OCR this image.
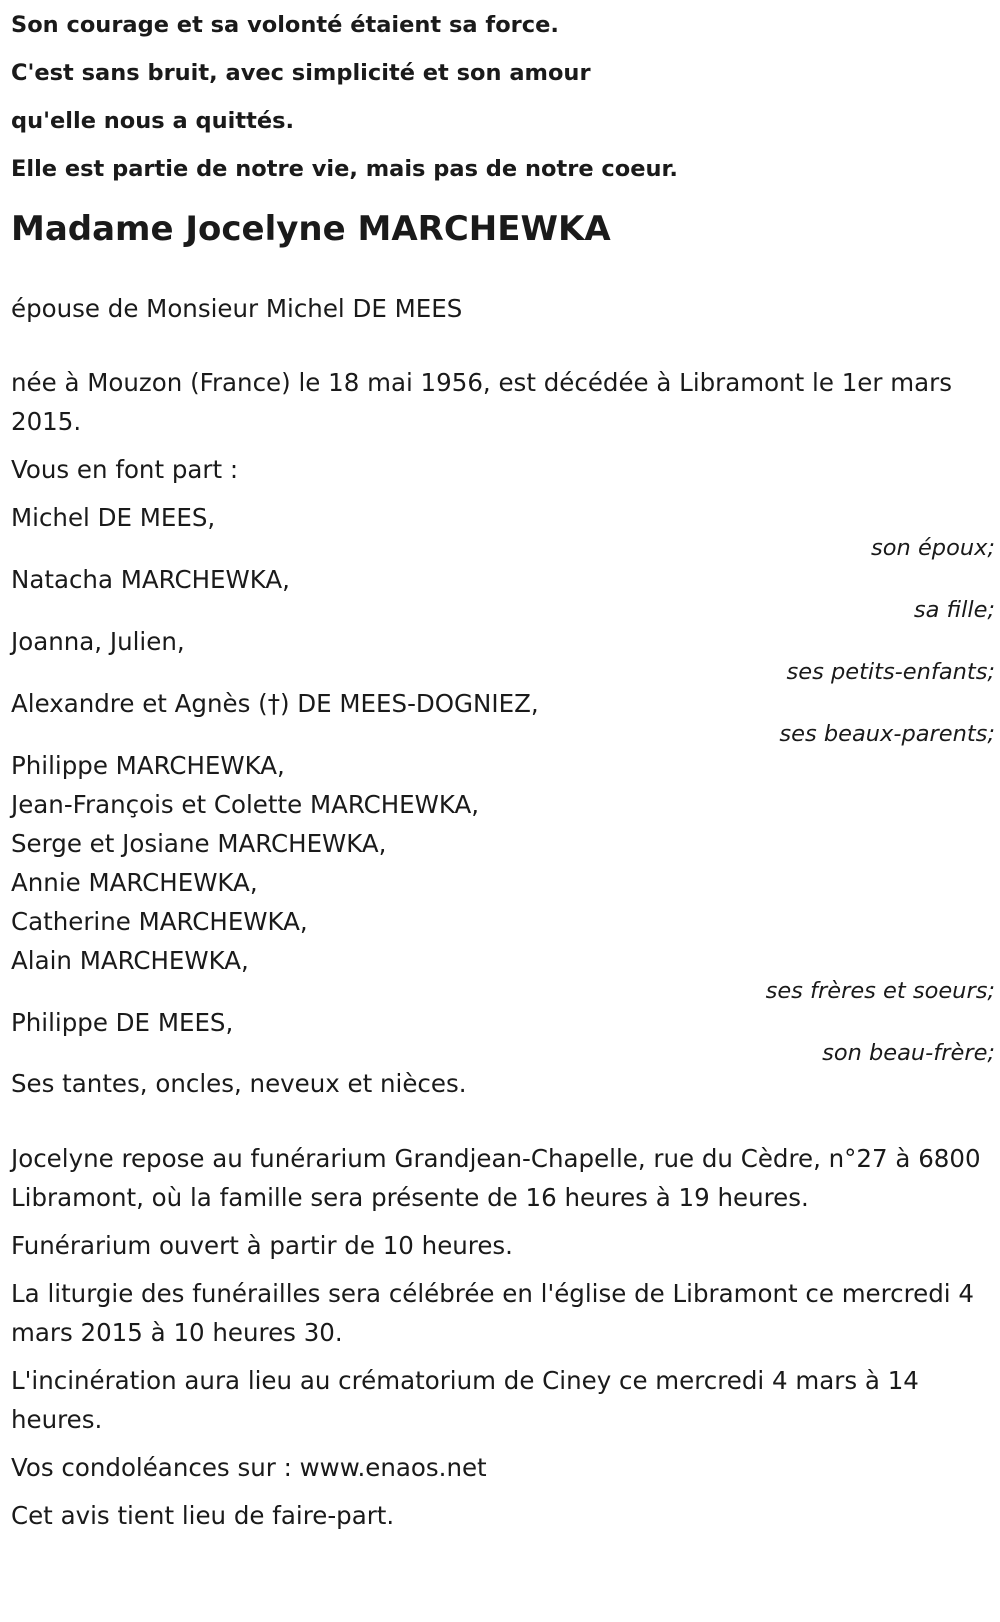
Son courage et sa volonté étaient sa force.
C'est sans bruit, avec simplicité et son amour
qu'elle nous a quittés.
Elle est partie de notre vie, mais pas de notre coeur.
Madame Jocelyne MARCHEWKA
épouse de Monsieur Michel DE MEES
née à Mouzon (France) le 18 mai 1956, est décédée à Libramont le 1er mars 2015.
Vous en font part :
Michel DE MEES,
son époux;
Natacha MARCHEWKA,
sa fille;
Joanna, Julien,
ses petits-enfants;
Alexandre et Agnès (†) DE MEES-DOGNIEZ,
ses beaux-parents;
Philippe MARCHEWKA,
Jean-François et Colette MARCHEWKA,
Serge et Josiane MARCHEWKA,
Annie MARCHEWKA,
Catherine MARCHEWKA,
Alain MARCHEWKA,
ses frères et soeurs;
Philippe DE MEES,
son beau-frère;
Ses tantes, oncles, neveux et nièces.
Jocelyne repose au funérarium Grandjean-Chapelle, rue du Cèdre, n°27 à 6800 Libramont, où la famille sera présente de 16 heures à 19 heures.
Funérarium ouvert à partir de 10 heures.
La liturgie des funérailles sera célébrée en l'église de Libramont ce mercredi 4 mars 2015 à 10 heures 30.
L'incinération aura lieu au crématorium de Ciney ce mercredi 4 mars à 14 heures.
Vos condoléances sur : www.enaos.net
Cet avis tient lieu de faire-part.
